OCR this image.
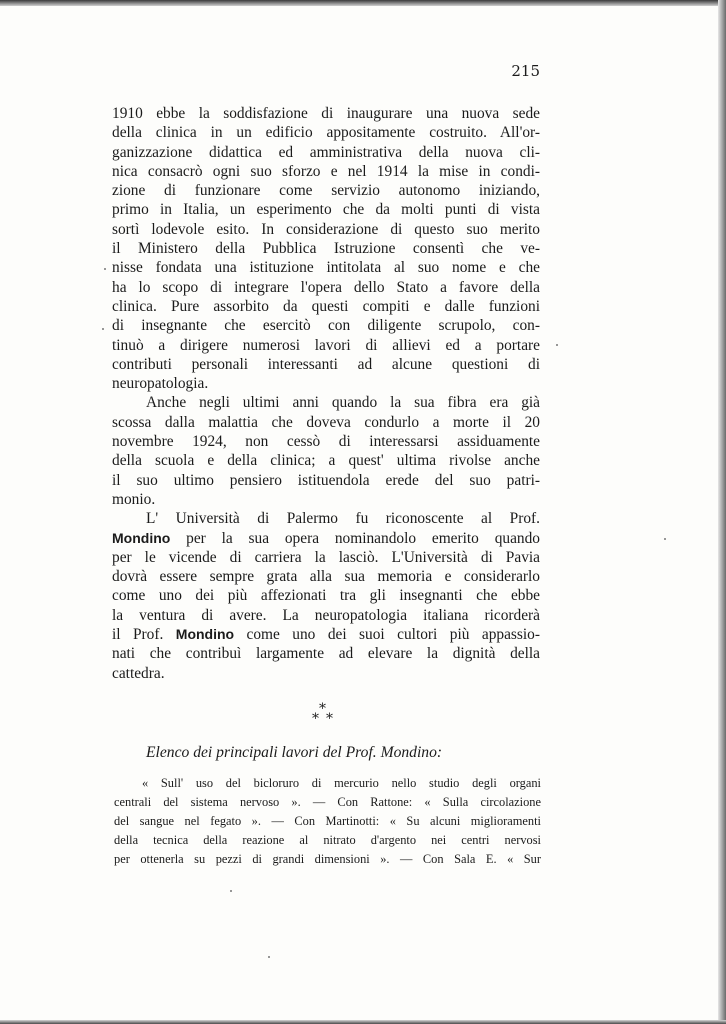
215
1910 ebbe la soddisfazione di inaugurare una nuova sede
della clinica in un edificio appositamente costruito. All'or-
ganizzazione didattica ed amministrativa della nuova cli-
nica consacrò ogni suo sforzo e nel 1914 la mise in condi-
zione di funzionare come servizio autonomo iniziando,
primo in Italia, un esperimento che da molti punti di vista
sortì lodevole esito. In considerazione di questo suo merito
il Ministero della Pubblica Istruzione consentì che ve-
nisse fondata una istituzione intitolata al suo nome e che
ha lo scopo di integrare l'opera dello Stato a favore della
clinica. Pure assorbito da questi compiti e dalle funzioni
di insegnante che esercitò con diligente scrupolo, con-
tinuò a dirigere numerosi lavori di allievi ed a portare
contributi personali interessanti ad alcune questioni di
neuropatologia.
Anche negli ultimi anni quando la sua fibra era già
scossa dalla malattia che doveva condurlo a morte il 20
novembre 1924, non cessò di interessarsi assiduamente
della scuola e della clinica; a quest' ultima rivolse anche
il suo ultimo pensiero istituendola erede del suo patri-
monio.
L' Università di Palermo fu riconoscente al Prof.
Mondino per la sua opera nominandolo emerito quando
per le vicende di carriera la lasciò. L'Università di Pavia
dovrà essere sempre grata alla sua memoria e considerarlo
come uno dei più affezionati tra gli insegnanti che ebbe
la ventura di avere. La neuropatologia italiana ricorderà
il Prof. Mondino come uno dei suoi cultori più appassio-
nati che contribuì largamente ad elevare la dignità della
cattedra.
*
* *
Elenco dei principali lavori del Prof. Mondino:
« Sull' uso del bicloruro di mercurio nello studio degli organi
centrali del sistema nervoso ». — Con Rattone: « Sulla circolazione
del sangue nel fegato ». — Con Martinotti: « Su alcuni miglioramenti
della tecnica della reazione al nitrato d'argento nei centri nervosi
per ottenerla su pezzi di grandi dimensioni ». — Con Sala E. « Sur
